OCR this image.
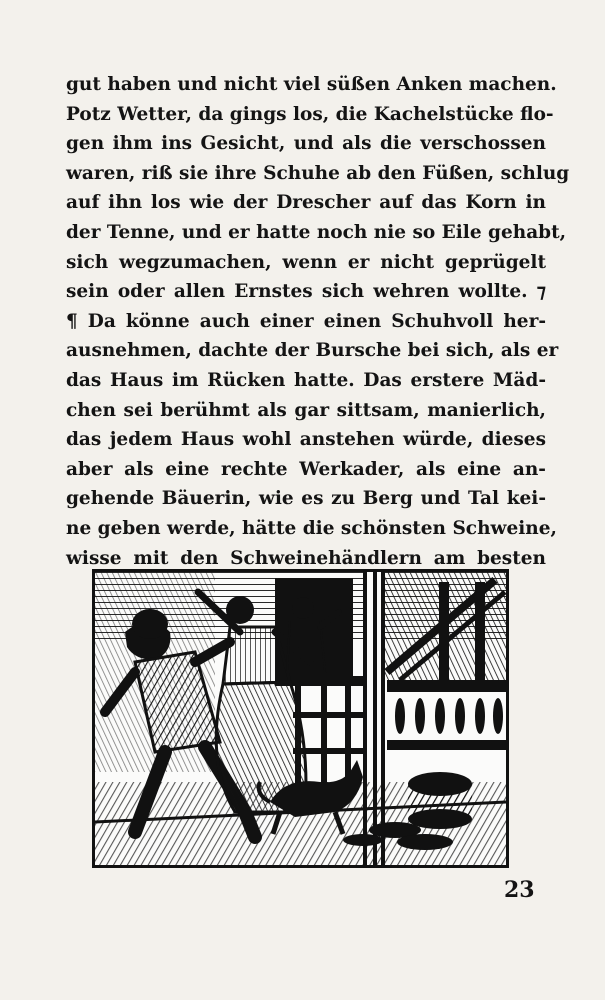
gut haben und nicht viel süßen Anken machen.
Potz Wetter, da gings los, die Kachelstücke flo-
gen ihm ins Gesicht, und als die verschossen
waren, riß sie ihre Schuhe ab den Füßen, schlug
auf ihn los wie der Drescher auf das Korn in
der Tenne, und er hatte noch nie so Eile gehabt,
sich wegzumachen, wenn er nicht geprügelt
sein oder allen Ernstes sich wehren wollte. ⁊
¶ Da könne auch einer einen Schuhvoll her-
ausnehmen, dachte der Bursche bei sich, als er
das Haus im Rücken hatte. Das erstere Mäd-
chen sei berühmt als gar sittsam, manierlich,
das jedem Haus wohl anstehen würde, dieses
aber als eine rechte Werkader, als eine an-
gehende Bäuerin, wie es zu Berg und Tal kei-
ne geben werde, hätte die schönsten Schweine,
wisse mit den Schweinehändlern am besten
23
